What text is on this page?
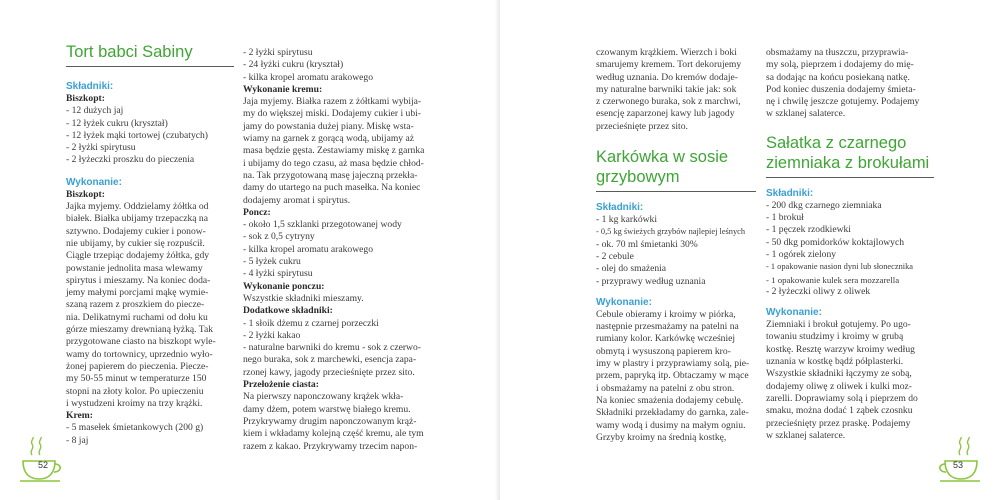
Tort babci Sabiny
Składniki:
Biszkopt:

- 12 dużych jaj

- 12 łyżek cukru (kryształ)

- 12 łyżek mąki tortowej (czubatych)

- 2 łyżki spirytusu

- 2 łyżeczki proszku do pieczenia

Wykonanie:
Biszkopt:

Jajka myjemy. Oddzielamy żółtka od

białek. Białka ubijamy trzepaczką na

sztywno. Dodajemy cukier i ponow-

nie ubijamy, by cukier się rozpuścił.

Ciągle trzepiąc dodajemy żółtka, gdy

powstanie jednolita masa wlewamy

spirytus i mieszamy. Na koniec doda-

jemy małymi porcjami mąkę wymie-

szaną razem z proszkiem do piecze-

nia. Delikatnymi ruchami od dołu ku

górze mieszamy drewnianą łyżką. Tak

przygotowane ciasto na biszkopt wyle-

wamy do tortownicy, uprzednio wyło-

żonej papierem do pieczenia. Piecze-

my 50-55 minut w temperaturze 150

stopni na złoty kolor. Po upieczeniu

i wystudzeni kroimy na trzy krążki.

Krem:

- 5 masełek śmietankowych (200 g)

- 8 jaj

- 2 łyżki spirytusu

- 24 łyżki cukru (kryształ)

- kilka kropel aromatu arakowego

Wykonanie kremu:

Jaja myjemy. Białka razem z żółtkami wybija-

my do większej miski. Dodajemy cukier i ubi-

jamy do powstania dużej piany. Miskę wsta-

wiamy na garnek z gorącą wodą, ubijamy aż

masa będzie gęsta. Zestawiamy miskę z garnka

i ubijamy do tego czasu, aż masa będzie chłod-

na. Tak przygotowaną masę jajeczną przekła-

damy do utartego na puch masełka. Na koniec

dodajemy aromat i spirytus.

Poncz:

- około 1,5 szklanki przegotowanej wody

- sok z 0,5 cytryny

- kilka kropel aromatu arakowego

- 5 łyżek cukru

- 4 łyżki spirytusu

Wykonanie ponczu:

Wszystkie składniki mieszamy.

Dodatkowe składniki:

- 1 słoik dżemu z czarnej porzeczki

- 2 łyżki kakao

- naturalne barwniki do kremu - sok z czerwo-

nego buraka, sok z marchewki, esencja zapa-

rzonej kawy, jagody przecieśnięte przez sito.

Przełożenie ciasta:

Na pierwszy naponczowany krążek wkła-

damy dżem, potem warstwę białego kremu.

Przykrywamy drugim naponczowanym krąż-

kiem i wkładamy kolejną część kremu, ale tym

razem z kakao. Przykrywamy trzecim napon-

52

czowanym krążkiem. Wierzch i boki

smarujemy kremem. Tort dekorujemy

według uznania. Do kremów dodaje-

my naturalne barwniki takie jak: sok

z czerwonego buraka, sok z marchwi,

esencję zaparzonej kawy lub jagody

przecieśnięte przez sito.

Karkówka w sosie
grzybowym
Składniki:

- 1 kg karkówki

- 0,5 kg świeżych grzybów najlepiej leśnych

- ok. 70 ml śmietanki 30%

- 2 cebule

- olej do smażenia

- przyprawy według uznania

Wykonanie:

Cebule obieramy i kroimy w piórka,

następnie przesmażamy na patelni na

rumiany kolor. Karkówkę wcześniej

obmytą i wysuszoną papierem kro-

imy w plastry i przyprawiamy solą, pie-

przem, papryką itp. Obtaczamy w mące

i obsmażamy na patelni z obu stron.

Na koniec smażenia dodajemy cebulę.

Składniki przekładamy do garnka, zale-

wamy wodą i dusimy na małym ogniu.

Grzyby kroimy na średnią kostkę,

obsmażamy na tłuszczu, przyprawia-

my solą, pieprzem i dodajemy do mię-

sa dodając na końcu posiekaną natkę.

Pod koniec duszenia dodajemy śmieta-

nę i chwilę jeszcze gotujemy. Podajemy

w szklanej salaterce.

Sałatka z czarnego
ziemniaka z brokułami
Składniki:

- 200 dkg czarnego ziemniaka

- 1 brokuł

- 1 pęczek rzodkiewki

- 50 dkg pomidorków koktajlowych

- 1 ogórek zielony

- 1 opakowanie nasion dyni lub słonecznika

- 1 opakowanie kulek sera mozzarella

- 2 łyżeczki oliwy z oliwek

Wykonanie:

Ziemniaki i brokuł gotujemy. Po ugo-

towaniu studzimy i kroimy w grubą

kostkę. Resztę warzyw kroimy według

uznania w kostkę bądź półplasterki.

Wszystkie składniki łączymy ze sobą,

dodajemy oliwę z oliwek i kulki moz-

zarelli. Doprawiamy solą i pieprzem do

smaku, można dodać 1 ząbek czosnku

przecieśnięty przez praskę. Podajemy

w szklanej salaterce.

53
